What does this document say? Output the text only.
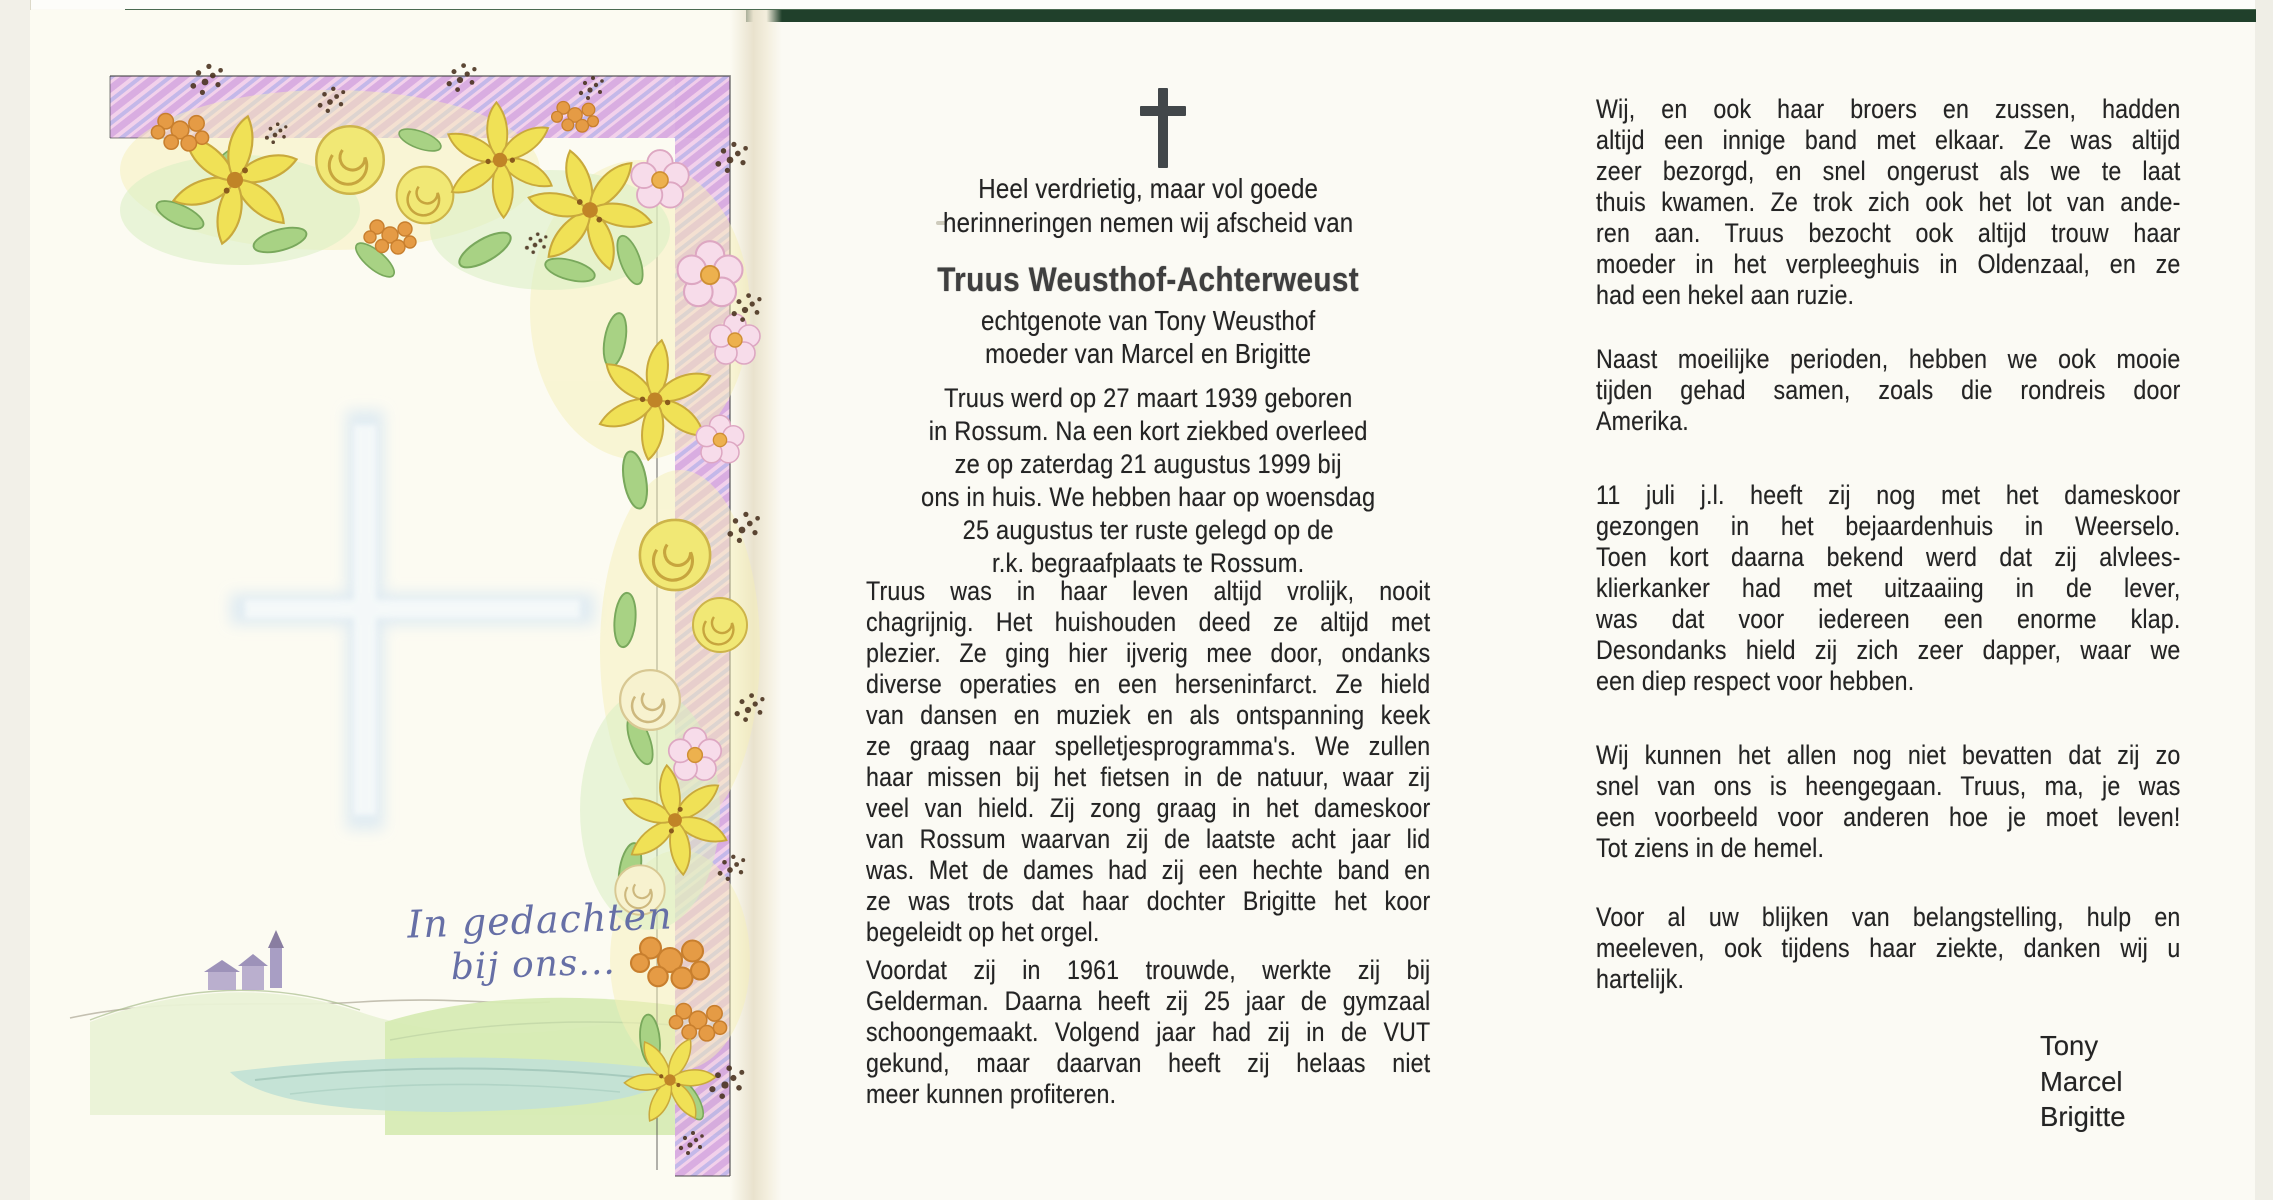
In gedachten
bij ons...
Heel verdrietig, maar vol goede
herinneringen nemen wij afscheid van
Truus Weusthof-Achterweust
echtgenote van Tony Weusthof
moeder van Marcel en Brigitte
Truus werd op 27 maart 1939 geboren
in Rossum. Na een kort ziekbed overleed
ze op zaterdag 21 augustus 1999 bij
ons in huis. We hebben haar op woensdag
25 augustus ter ruste gelegd op de
r.k. begraafplaats te Rossum.
Truus was in haar leven altijd vrolijk, nooit
chagrijnig. Het huishouden deed ze altijd met
plezier. Ze ging hier ijverig mee door, ondanks
diverse operaties en een herseninfarct. Ze hield
van dansen en muziek en als ontspanning keek
ze graag naar spelletjesprogramma's. We zullen
haar missen bij het fietsen in de natuur, waar zij
veel van hield. Zij zong graag in het dameskoor
van Rossum waarvan zij de laatste acht jaar lid
was. Met de dames had zij een hechte band en
ze was trots dat haar dochter Brigitte het koor
begeleidt op het orgel.
Voordat zij in 1961 trouwde, werkte zij bij
Gelderman. Daarna heeft zij 25 jaar de gymzaal
schoongemaakt. Volgend jaar had zij in de VUT
gekund, maar daarvan heeft zij helaas niet
meer kunnen profiteren.
Wij, en ook haar broers en zussen, hadden
altijd een innige band met elkaar. Ze was altijd
zeer bezorgd, en snel ongerust als we te laat
thuis kwamen. Ze trok zich ook het lot van ande-
ren aan. Truus bezocht ook altijd trouw haar
moeder in het verpleeghuis in Oldenzaal, en ze
had een hekel aan ruzie.
Naast moeilijke perioden, hebben we ook mooie
tijden gehad samen, zoals die rondreis door
Amerika.
11 juli j.l. heeft zij nog met het dameskoor
gezongen in het bejaardenhuis in Weerselo.
Toen kort daarna bekend werd dat zij alvlees-
klierkanker had met uitzaaiing in de lever,
was dat voor iedereen een enorme klap.
Desondanks hield zij zich zeer dapper, waar we
een diep respect voor hebben.
Wij kunnen het allen nog niet bevatten dat zij zo
snel van ons is heengegaan. Truus, ma, je was
een voorbeeld voor anderen hoe je moet leven!
Tot ziens in de hemel.
Voor al uw blijken van belangstelling, hulp en
meeleven, ook tijdens haar ziekte, danken wij u
hartelijk.
Tony
Marcel
Brigitte
